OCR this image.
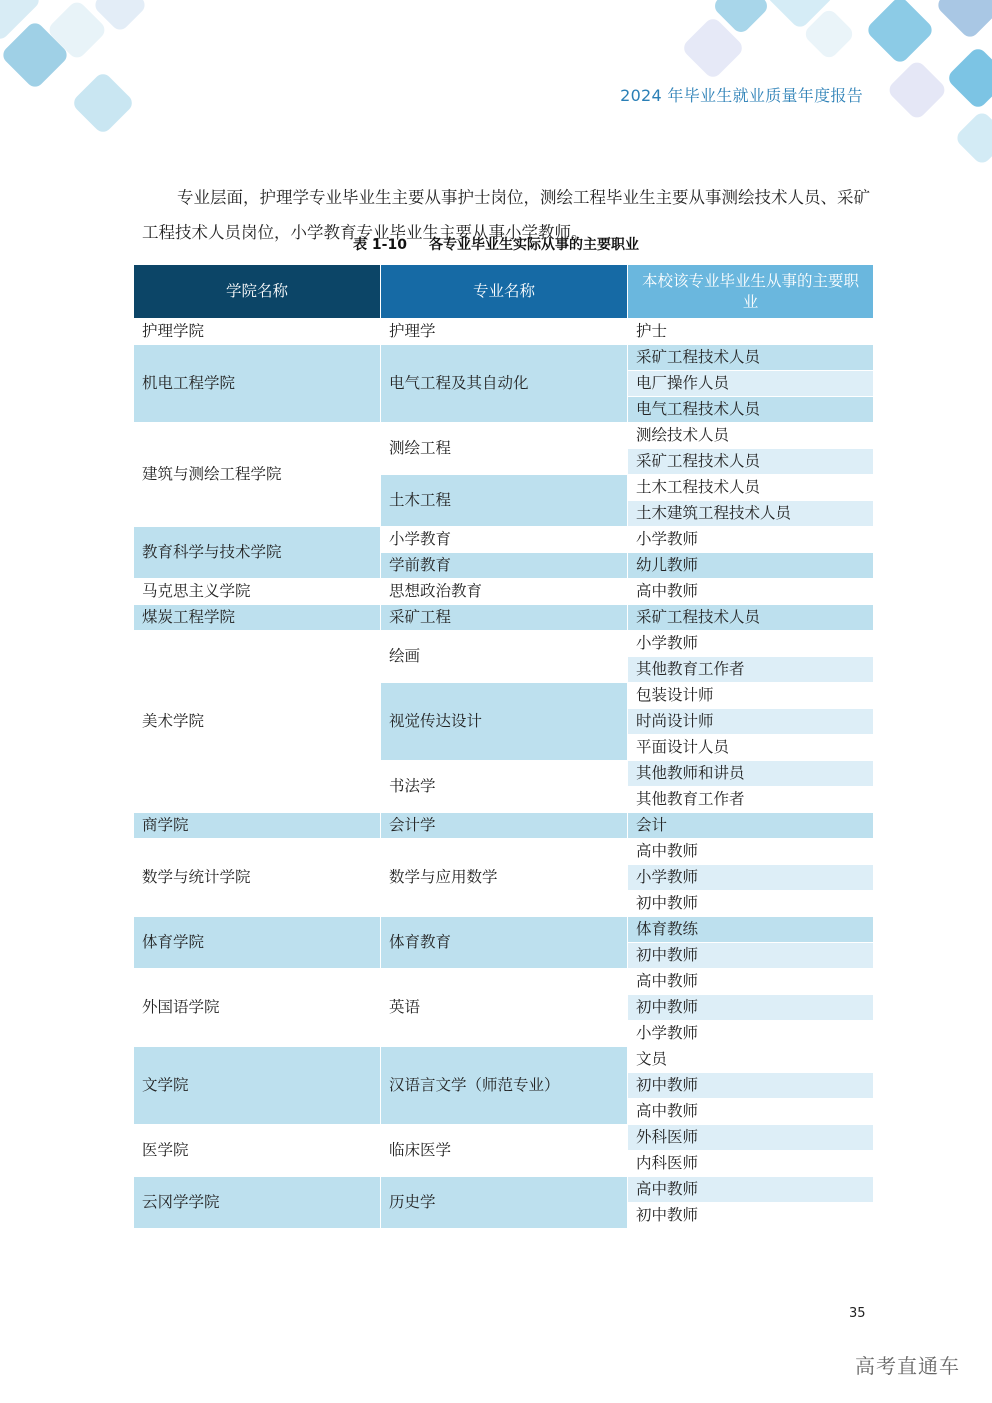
2024 年毕业生就业质量年度报告

专业层面，护理学专业毕业生主要从事护士岗位，测绘工程毕业生主要从事测绘技术人员、采矿工程技术人员岗位，小学教育专业毕业生主要从事小学教师。

表 1-10 各专业毕业生实际从事的主要职业
学院名称	专业名称	本校该专业毕业生从事的主要职业
护理学院	护理学	护士
机电工程学院	电气工程及其自动化	采矿工程技术人员
		电厂操作人员
		电气工程技术人员
建筑与测绘工程学院	测绘工程	测绘技术人员
		采矿工程技术人员
	土木工程	土木工程技术人员
		土木建筑工程技术人员
教育科学与技术学院	小学教育	小学教师
	学前教育	幼儿教师
马克思主义学院	思想政治教育	高中教师
煤炭工程学院	采矿工程	采矿工程技术人员
美术学院	绘画	小学教师
		其他教育工作者
	视觉传达设计	包装设计师
		时尚设计师
		平面设计人员
	书法学	其他教师和讲员
		其他教育工作者
商学院	会计学	会计
数学与统计学院	数学与应用数学	高中教师
		小学教师
		初中教师
体育学院	体育教育	体育教练
		初中教师
外国语学院	英语	高中教师
		初中教师
		小学教师
文学院	汉语言文学（师范专业）	文员
		初中教师
		高中教师
医学院	临床医学	外科医师
		内科医师
云冈学学院	历史学	高中教师
		初中教师
35
高考直通车
